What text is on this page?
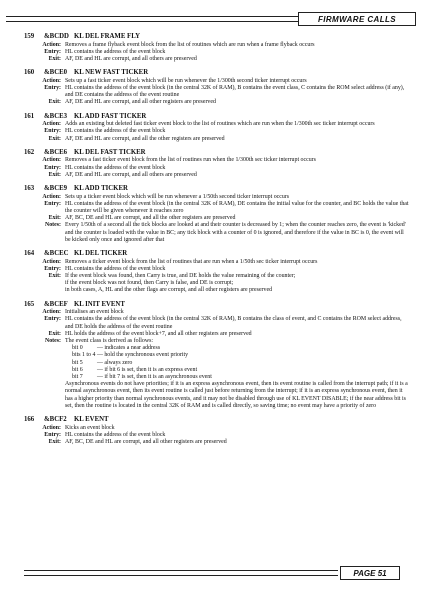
FIRMWARE CALLS
159	&BCDD KL DEL FRAME FLY
Action: Removes a frame flyback event block from the list of routines which are run when a frame flyback occurs
Entry: HL contains the address of the event block
Exit: AF, DE and HL are corrupt, and all others are preserved
160	&BCE0	KL NEW FAST TICKER
Action: Sets up a fast ticker event block which will be run whenever the 1/300th second ticker interrupt occurs
Entry: HL contains the address of the event block (in the central 32K of RAM), B contains the event class, C contains the ROM select address (if any), and DE contains the address of the event routine
Exit: AF, DE and HL are corrupt, and all other registers are preserved
161	&BCE3	KL ADD FAST TICKER
Action: Adds an existing but deleted fast ticker event block to the list of routines which are run when the 1/300th sec ticker interrupt occurs
Entry: HL contains the address of the event block
Exit: AF, DE and HL are corrupt, and all the other registers are preserved
162	&BCE6	KL DEL FAST TICKER
Action: Removes a fast ticker event block from the list of routines run when the 1/300th sec ticker interrupt occurs
Entry: HL contains the address of the event block
Exit: AF, DE and HL are corrupt, and all others are preserved
163	&BCE9	KL ADD TICKER
Action: Sets up a ticker event block which will be run whenever a 1/50th second ticker interrupt occurs
Entry: HL contains the address of the event block (in the central 32K of RAM), DE contains the initial value for the counter, and BC holds the value that the counter will be given whenever it reaches zero
Exit: AF, BC, DE and HL are corrupt, and all the other registers are preserved
Notes: Every 1/50th of a second all the tick blocks are looked at and their counter is decreased by 1; when the counter reaches zero, the event is 'kicked' and the counter is loaded with the value in BC; any tick block with a counter of 0 is ignored, and therefore if the value in BC is 0, the event will be kicked only once and ignored after that
164	&BCEC KL DEL TICKER
Action: Removes a ticker event block from the list of routines that are run when a 1/50th sec ticker interrupt occurs
Entry: HL contains the address of the event block
Exit: If the event block was found, then Carry is true, and DE holds the value remaining of the counter;
if the event block was not found, then Carry is false, and DE is corrupt;
in both cases, A, HL and the other flags are corrupt, and all other registers are preserved
165	&BCEF KL INIT EVENT
Action: Initialises an event block
Entry: HL contains the address of the event block (in the central 32K of RAM), B contains the class of event, and C contains the ROM select address, and DE holds the address of the event routine
Exit: HL holds the address of the event block+7, and all other registers are preserved
Notes: The event class is derived as follows:
bit 0	— indicates a near address
bits 1 to 4 — hold the synchronous event priority
bit 5	— always zero
bit 6	— if bit 6 is set, then it is an express event
bit 7	— if bit 7 is set, then it is an asynchronous event
Asynchronous events do not have priorities; if it is an express asynchronous event, then its event routine is called from the interrupt path; if it is a normal asynchronous event, then its event routine is called just before returning from the interrupt; if it is an express synchronous event, then it has a higher priority than normal synchronous events, and it may not be disabled through use of KL EVENT DISABLE; if the near address bit is set, then the routine is located in the central 32K of RAM and is called directly, so saving time; no event may have a priority of zero
166	&BCF2	KL EVENT
Action: Kicks an event block
Entry: HL contains the address of the event block
Exit: AF, BC, DE and HL are corrupt, and all other registers are preserved
PAGE 51
